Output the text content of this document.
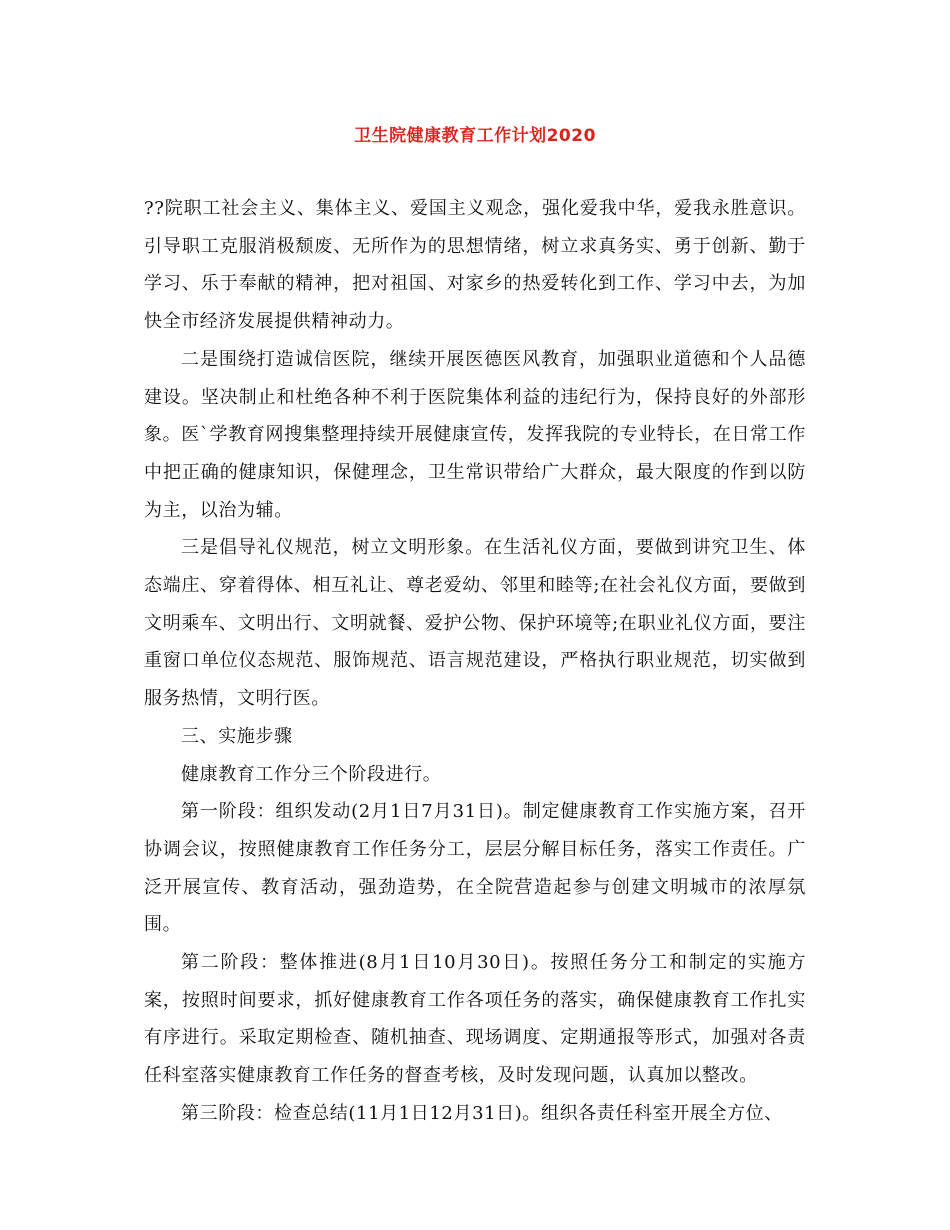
卫生院健康教育工作计划2020

??院职工社会主义、集体主义、爱国主义观念，强化爱我中华，爱我永胜意识。引导职工克服消极颓废、无所作为的思想情绪，树立求真务实、勇于创新、勤于学习、乐于奉献的精神，把对祖国、对家乡的热爱转化到工作、学习中去，为加快全市经济发展提供精神动力。

二是围绕打造诚信医院，继续开展医德医风教育，加强职业道德和个人品德建设。坚决制止和杜绝各种不利于医院集体利益的违纪行为，保持良好的外部形象。医`学教育网搜集整理持续开展健康宣传，发挥我院的专业特长，在日常工作中把正确的健康知识，保健理念，卫生常识带给广大群众，最大限度的作到以防为主，以治为辅。

三是倡导礼仪规范，树立文明形象。在生活礼仪方面，要做到讲究卫生、体态端庄、穿着得体、相互礼让、尊老爱幼、邻里和睦等;在社会礼仪方面，要做到文明乘车、文明出行、文明就餐、爱护公物、保护环境等;在职业礼仪方面，要注重窗口单位仪态规范、服饰规范、语言规范建设，严格执行职业规范，切实做到服务热情，文明行医。

三、实施步骤

健康教育工作分三个阶段进行。

第一阶段：组织发动(2月1日7月31日)。制定健康教育工作实施方案，召开协调会议，按照健康教育工作任务分工，层层分解目标任务，落实工作责任。广泛开展宣传、教育活动，强劲造势，在全院营造起参与创建文明城市的浓厚氛围。

第二阶段：整体推进(8月1日10月30日)。按照任务分工和制定的实施方案，按照时间要求，抓好健康教育工作各项任务的落实，确保健康教育工作扎实有序进行。采取定期检查、随机抽查、现场调度、定期通报等形式，加强对各责任科室落实健康教育工作任务的督查考核，及时发现问题，认真加以整改。

第三阶段：检查总结(11月1日12月31日)。组织各责任科室开展全方位、
